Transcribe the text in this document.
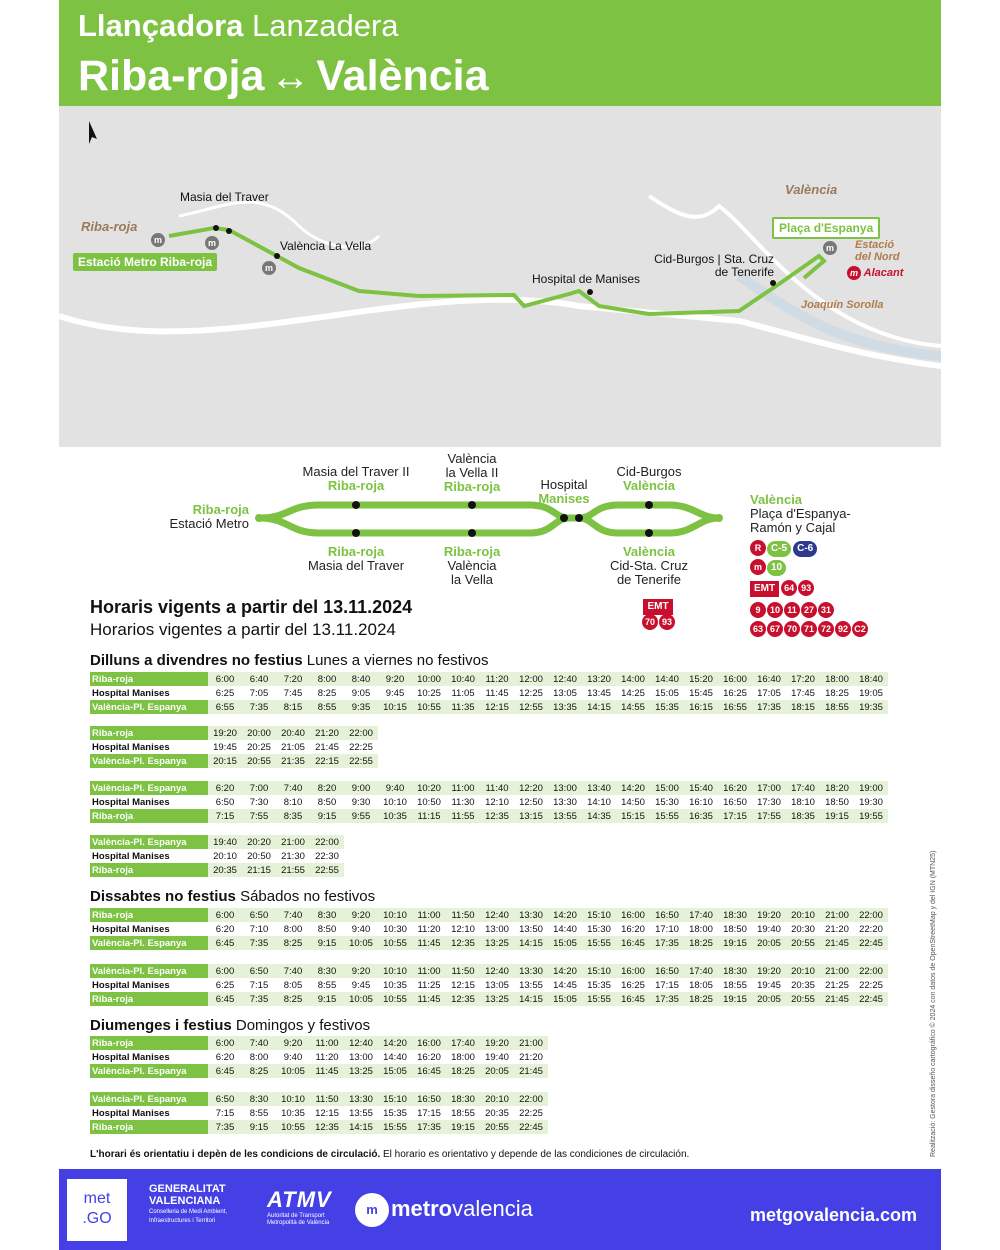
Llançadora Lanzadera
Riba-roja ↔ València
Riba-roja
València
Estació Metro Riba-roja
Plaça d'Espanya
Masia del Traver
València La Vella
Hospital de Manises
Cid-Burgos | Sta. Cruz de Tenerife
m	m
m
m Estació del Nord
m Alacant
Joaquín Sorolla
Riba-roja
Estació Metro
Masia del Traver II
Riba-roja
València
la Vella II
Riba-roja	Hospital
Manises
Cid-Burgos
València
Riba-roja
Masia del Traver
Riba-roja
València
la Vella
València
Cid-Sta. Cruz
de Tenerife
València
Plaça d'Espanya-
Ramón y Cajal
R C-5 C-6
m 10
EMT 64 93
EMT
70 93
9 10 11 27 31
63 67 70 71 72 92 C2
Horaris vigents a partir del 13.11.2024
Horarios vigentes a partir del 13.11.2024
Dilluns a divendres no festius Lunes a viernes no festivos
Riba-roja	6:00	6:40	7:20	8:00	8:40	9:20	10:00	10:40	11:20	12:00	12:40	13:20	14:00	14:40	15:20	16:00	16:40	17:20	18:00	18:40
Hospital Manises	6:25	7:05	7:45	8:25	9:05	9:45	10:25	11:05	11:45	12:25	13:05	13:45	14:25	15:05	15:45	16:25	17:05	17:45	18:25	19:05
València-Pl. Espanya	6:55	7:35	8:15	8:55	9:35	10:15	10:55	11:35	12:15	12:55	13:35	14:15	14:55	15:35	16:15	16:55	17:35	18:15	18:55	19:35
Riba-roja	19:20	20:00	20:40	21:20	22:00
Hospital Manises	19:45	20:25	21:05	21:45	22:25
València-Pl. Espanya	20:15	20:55	21:35	22:15	22:55
València-Pl. Espanya	6:20	7:00	7:40	8:20	9:00	9:40	10:20	11:00	11:40	12:20	13:00	13:40	14:20	15:00	15:40	16:20	17:00	17:40	18:20	19:00
Hospital Manises	6:50	7:30	8:10	8:50	9:30	10:10	10:50	11:30	12:10	12:50	13:30	14:10	14:50	15:30	16:10	16:50	17:30	18:10	18:50	19:30
Riba-roja	7:15	7:55	8:35	9:15	9:55	10:35	11:15	11:55	12:35	13:15	13:55	14:35	15:15	15:55	16:35	17:15	17:55	18:35	19:15	19:55
València-Pl. Espanya	19:40	20:20	21:00	22:00
Hospital Manises	20:10	20:50	21:30	22:30
Riba-roja	20:35	21:15	21:55	22:55
Dissabtes no festius Sábados no festivos
Riba-roja	6:00	6:50	7:40	8:30	9:20	10:10	11:00	11:50	12:40	13:30	14:20	15:10	16:00	16:50	17:40	18:30	19:20	20:10	21:00	22:00
Hospital Manises	6:20	7:10	8:00	8:50	9:40	10:30	11:20	12:10	13:00	13:50	14:40	15:30	16:20	17:10	18:00	18:50	19:40	20:30	21:20	22:20
València-Pl. Espanya	6:45	7:35	8:25	9:15	10:05	10:55	11:45	12:35	13:25	14:15	15:05	15:55	16:45	17:35	18:25	19:15	20:05	20:55	21:45	22:45
València-Pl. Espanya	6:00	6:50	7:40	8:30	9:20	10:10	11:00	11:50	12:40	13:30	14:20	15:10	16:00	16:50	17:40	18:30	19:20	20:10	21:00	22:00
Hospital Manises	6:25	7:15	8:05	8:55	9:45	10:35	11:25	12:15	13:05	13:55	14:45	15:35	16:25	17:15	18:05	18:55	19:45	20:35	21:25	22:25
Riba-roja	6:45	7:35	8:25	9:15	10:05	10:55	11:45	12:35	13:25	14:15	15:05	15:55	16:45	17:35	18:25	19:15	20:05	20:55	21:45	22:45
Diumenges i festius Domingos y festivos
Riba-roja	6:00	7:40	9:20	11:00	12:40	14:20	16:00	17:40	19:20	21:00
Hospital Manises	6:20	8:00	9:40	11:20	13:00	14:40	16:20	18:00	19:40	21:20
València-Pl. Espanya	6:45	8:25	10:05	11:45	13:25	15:05	16:45	18:25	20:05	21:45
València-Pl. Espanya	6:50	8:30	10:10	11:50	13:30	15:10	16:50	18:30	20:10	22:00
Hospital Manises	7:15	8:55	10:35	12:15	13:55	15:35	17:15	18:55	20:35	22:25
Riba-roja	7:35	9:15	10:55	12:35	14:15	15:55	17:35	19:15	20:55	22:45
L'horari és orientatiu i depèn de les condicions de circulació. El horario es orientativo y depende de las condiciones de circulación.
met
.GO
GENERALITAT
VALENCIANA
Conselleria de Medi Ambient,
Infraestructures i Territori
ATMV
Autoritat de Transport
Metropolità de València
m metrovalencia	metgovalencia.com
Realització: Gestora disseño cartográfico © 2024 con datos de OpenStreetMap y del IGN (MTN25)
